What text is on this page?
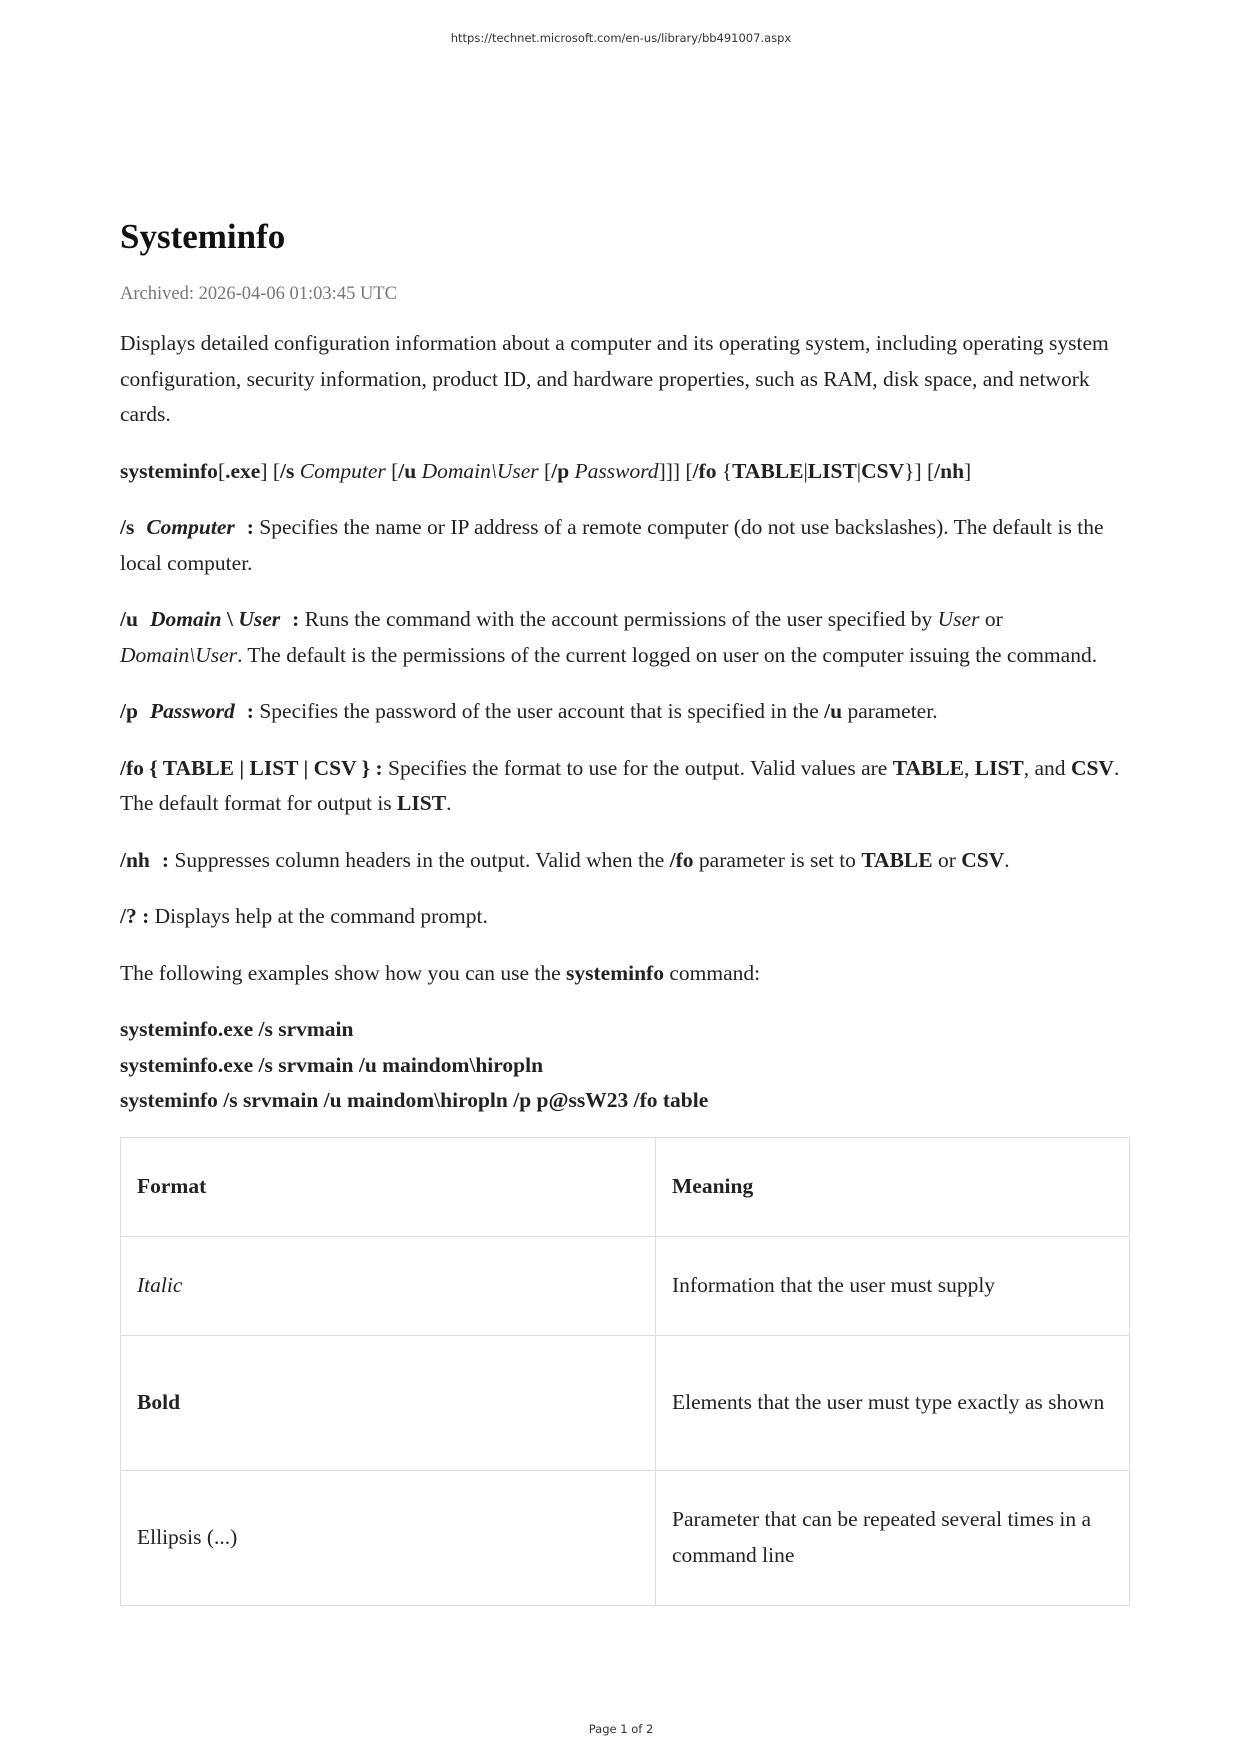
https://technet.microsoft.com/en-us/library/bb491007.aspx
Systeminfo
Archived: 2026-04-06 01:03:45 UTC

Displays detailed configuration information about a computer and its operating system, including operating system configuration, security information, product ID, and hardware properties, such as RAM, disk space, and network cards.

systeminfo[.exe] [/s Computer [/u Domain\User [/p Password]]] [/fo {TABLE|LIST|CSV}] [/nh]

/s Computer : Specifies the name or IP address of a remote computer (do not use backslashes). The default is the local computer.

/u Domain \ User : Runs the command with the account permissions of the user specified by User or Domain\User. The default is the permissions of the current logged on user on the computer issuing the command.

/p Password : Specifies the password of the user account that is specified in the /u parameter.

/fo { TABLE | LIST | CSV } : Specifies the format to use for the output. Valid values are TABLE, LIST, and CSV. The default format for output is LIST.

/nh : Suppresses column headers in the output. Valid when the /fo parameter is set to TABLE or CSV.

/? : Displays help at the command prompt.

The following examples show how you can use the systeminfo command:

systeminfo.exe /s srvmain
systeminfo.exe /s srvmain /u maindom\hiropln
systeminfo /s srvmain /u maindom\hiropln /p p@ssW23 /fo table

Format	Meaning
Italic	Information that the user must supply
Bold	Elements that the user must type exactly as shown
Ellipsis (...)	Parameter that can be repeated several times in a command line
Page 1 of 2
